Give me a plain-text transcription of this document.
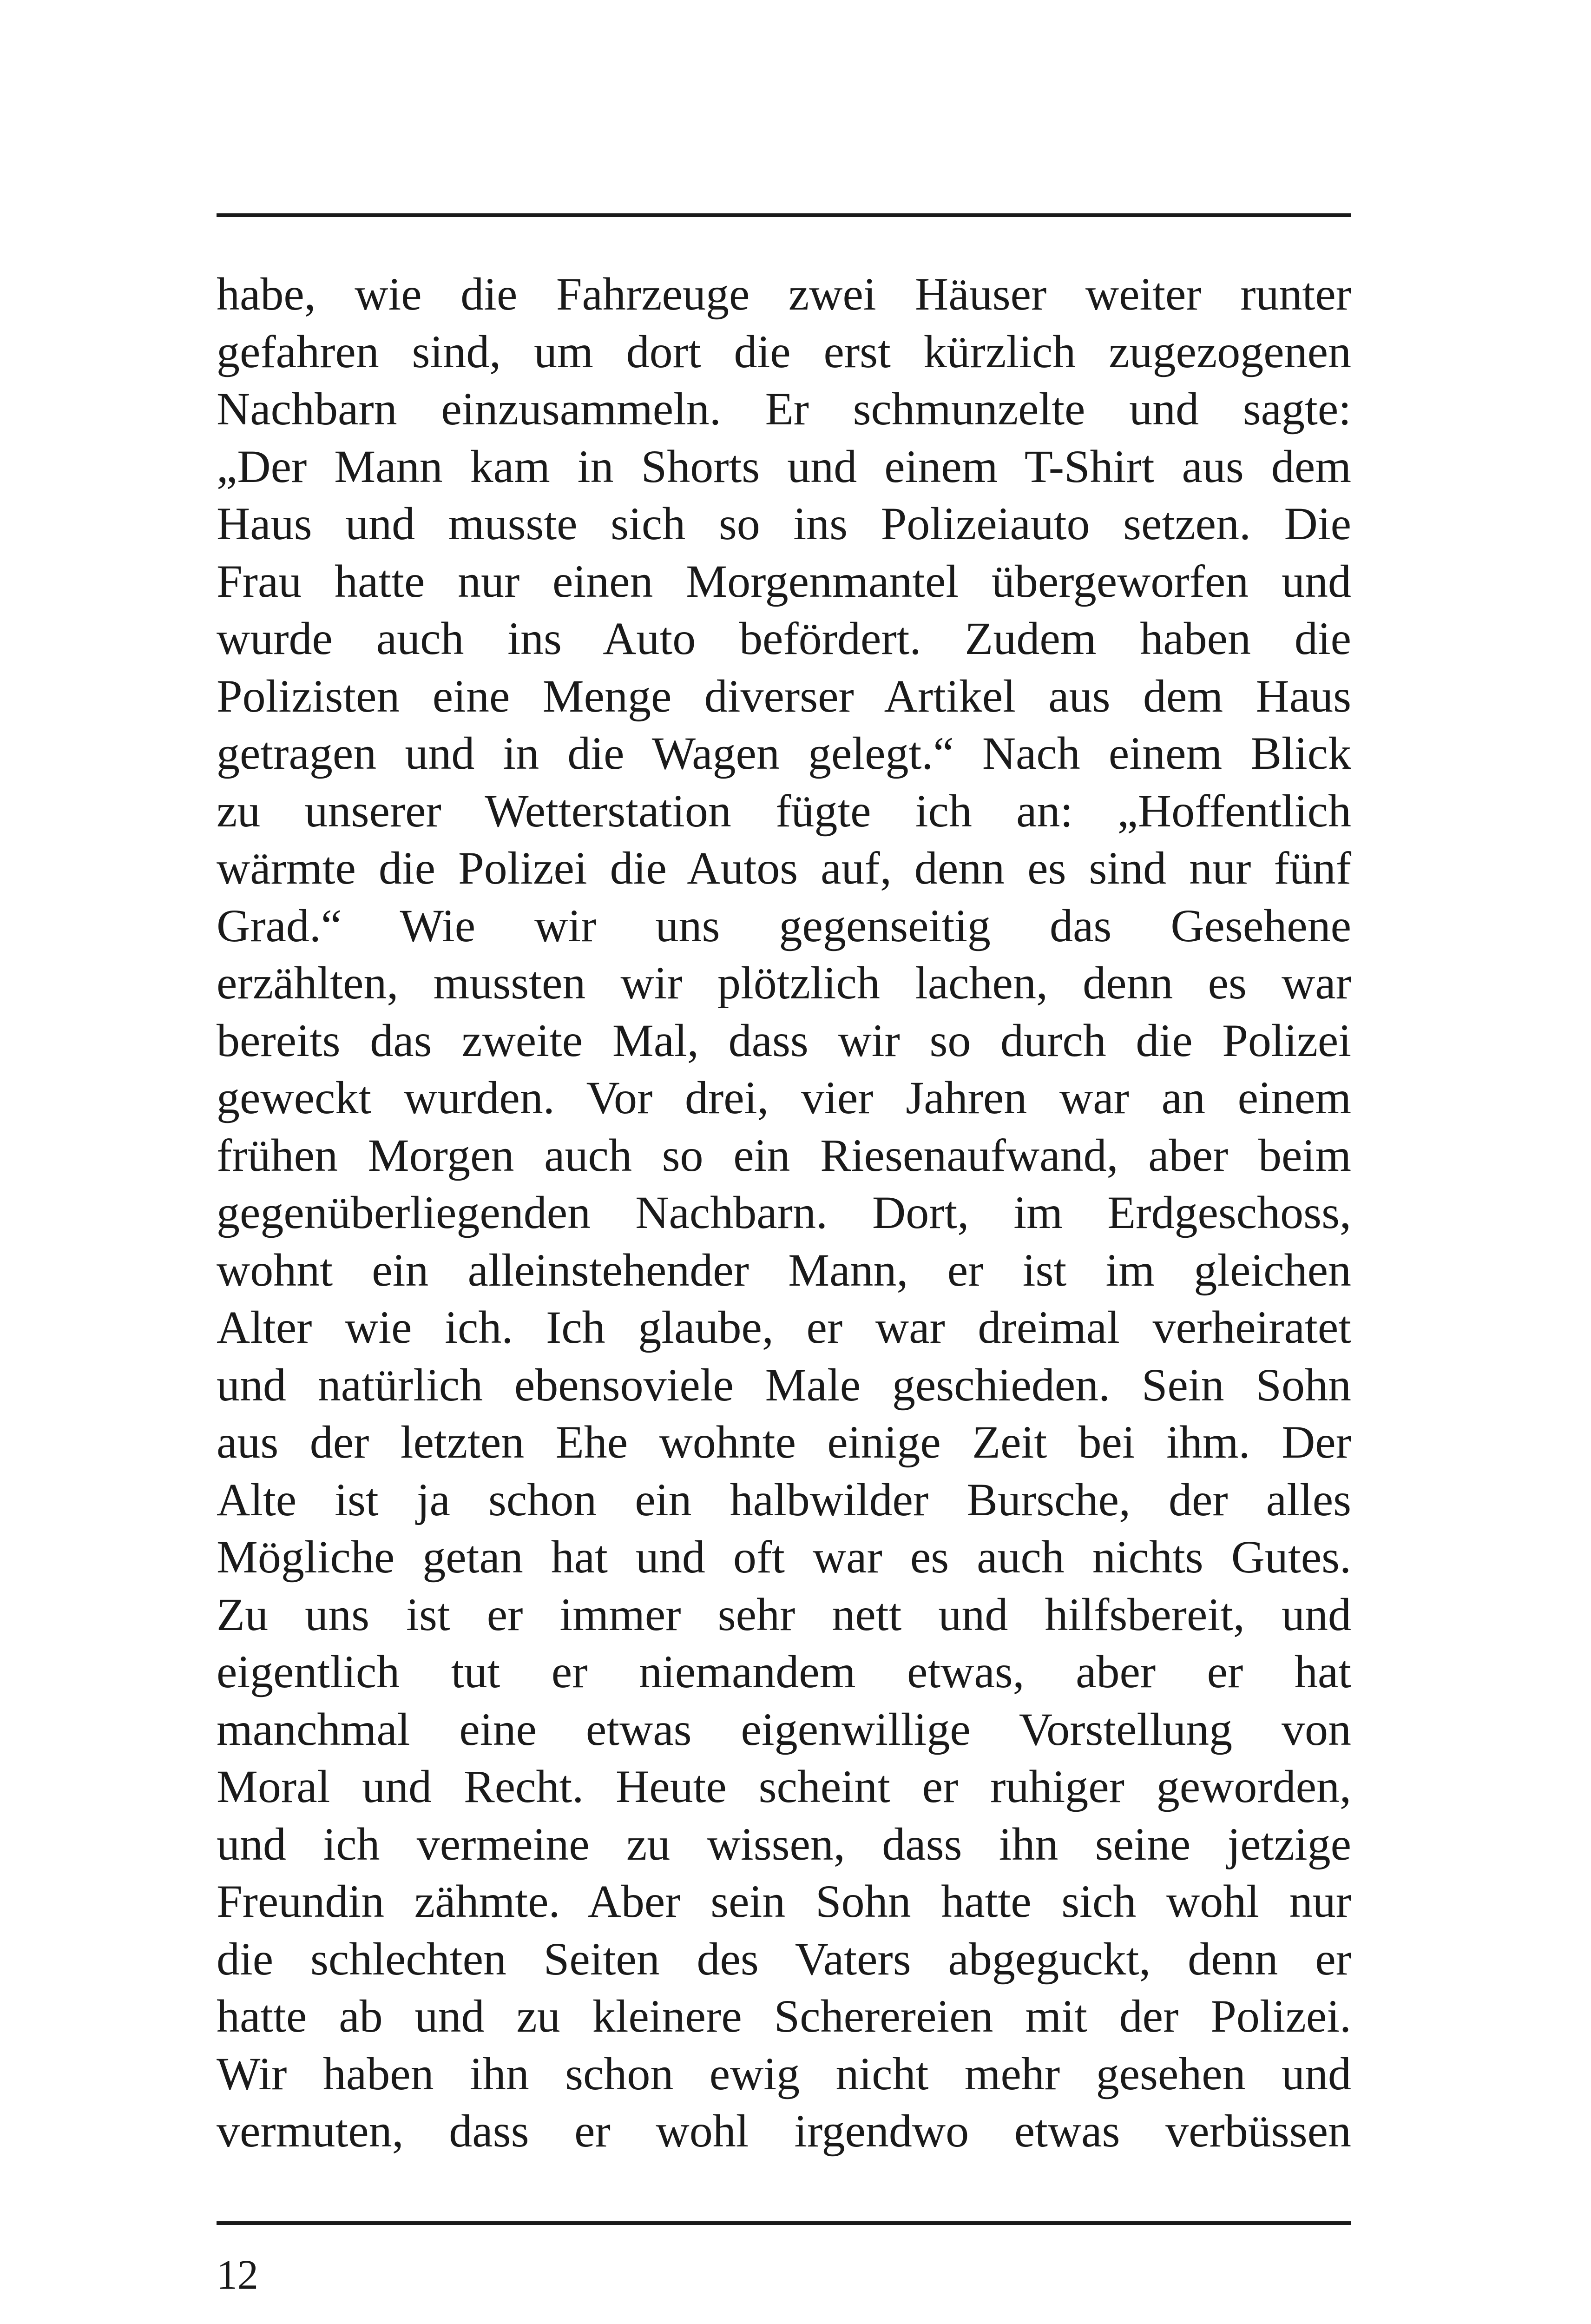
habe, wie die Fahrzeuge zwei Häuser weiter runter
gefahren sind, um dort die erst kürzlich zugezogenen
Nachbarn einzusammeln. Er schmunzelte und sagte:
„Der Mann kam in Shorts und einem T-Shirt aus dem
Haus und musste sich so ins Polizeiauto setzen. Die
Frau hatte nur einen Morgenmantel übergeworfen und
wurde auch ins Auto befördert. Zudem haben die
Polizisten eine Menge diverser Artikel aus dem Haus
getragen und in die Wagen gelegt.“ Nach einem Blick
zu unserer Wetterstation fügte ich an: „Hoffentlich
wärmte die Polizei die Autos auf, denn es sind nur fünf
Grad.“ Wie wir uns gegenseitig das Gesehene
erzählten, mussten wir plötzlich lachen, denn es war
bereits das zweite Mal, dass wir so durch die Polizei
geweckt wurden. Vor drei, vier Jahren war an einem
frühen Morgen auch so ein Riesenaufwand, aber beim
gegenüberliegenden Nachbarn. Dort, im Erdgeschoss,
wohnt ein alleinstehender Mann, er ist im gleichen
Alter wie ich. Ich glaube, er war dreimal verheiratet
und natürlich ebensoviele Male geschieden. Sein Sohn
aus der letzten Ehe wohnte einige Zeit bei ihm. Der
Alte ist ja schon ein halbwilder Bursche, der alles
Mögliche getan hat und oft war es auch nichts Gutes.
Zu uns ist er immer sehr nett und hilfsbereit, und
eigentlich tut er niemandem etwas, aber er hat
manchmal eine etwas eigenwillige Vorstellung von
Moral und Recht. Heute scheint er ruhiger geworden,
und ich vermeine zu wissen, dass ihn seine jetzige
Freundin zähmte. Aber sein Sohn hatte sich wohl nur
die schlechten Seiten des Vaters abgeguckt, denn er
hatte ab und zu kleinere Scherereien mit der Polizei.
Wir haben ihn schon ewig nicht mehr gesehen und
vermuten, dass er wohl irgendwo etwas verbüssen

12
